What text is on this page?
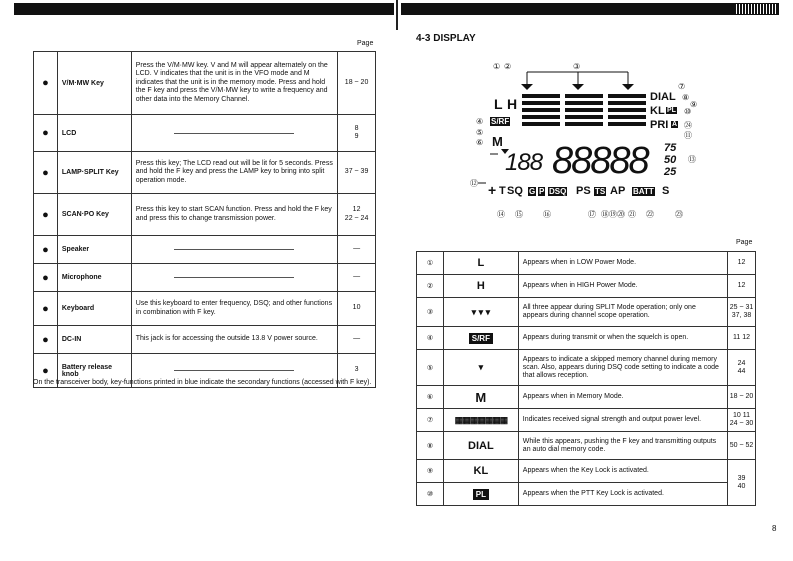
Page
●	V/M·MW Key	Press the V/M·MW key. V and M will appear alternately on the LCD. V indicates that the unit is in the VFO mode and M indicates that the unit is in the memory mode. Press and hold the F key and press the V/M·MW key to write a frequency and other data into the Memory Channel.	18 ~ 20
●	LCD		8
9
●	LAMP·SPLIT Key	Press this key; The LCD read out will be lit for 5 seconds. Press and hold the F key and press the LAMP key to bring into split operation mode.	37 ~ 39
●	SCAN·PO Key	Press this key to start SCAN function. Press and hold the F key and press this to change transmission power.	12
22 ~ 24
●	Speaker		—
●	Microphone		—
●	Keyboard	Use this keyboard to enter frequency, DSQ; and other functions in combination with F key.	10
●	DC-IN	This jack is for accessing the outside 13.8 V power source.	—
●	Battery release knob		3
On the transceiver body, key-functions printed in blue indicate the secondary functions (accessed with F key).
4-3 DISPLAY
① ②	③
L H	DIAL
KL PL
PRI A
⑦
⑧
⑨
⑩
㉔
⑪
④ S/RF
⑤
⑥ M
188 88888 75
50
25
⑬
⑫ + T SQ G P DSQ PS TS AP BATT S
⑭ ⑮	⑯	⑰ ⑱ ⑲ ⑳ ㉑ ㉒	㉓
Page
①	L	Appears when in LOW Power Mode.	12
②	H	Appears when in HIGH Power Mode.	12
③	▾ ▾ ▾	All three appear during SPLIT Mode operation; only one appears during channel scope operation.	25 ~ 31
37, 38
④	S/RF	Appears during transmit or when the squelch is open.	11 12
⑤	▾	Appears to indicate a skipped memory channel during memory scan. Also, appears during DSQ code setting to indicate a code that allows reception.	24
44
⑥	M	Appears when in Memory Mode.	18 ~ 20
⑦	▦▦▦▦▦▦▦	Indicates received signal strength and output power level.	10 11
24 ~ 30
⑧	DIAL	While this appears, pushing the F key and transmitting outputs an auto dial memory code.	50 ~ 52
⑨	KL	Appears when the Key Lock is activated.	39
40
⑩	PL	Appears when the PTT Key Lock is activated.	
8
